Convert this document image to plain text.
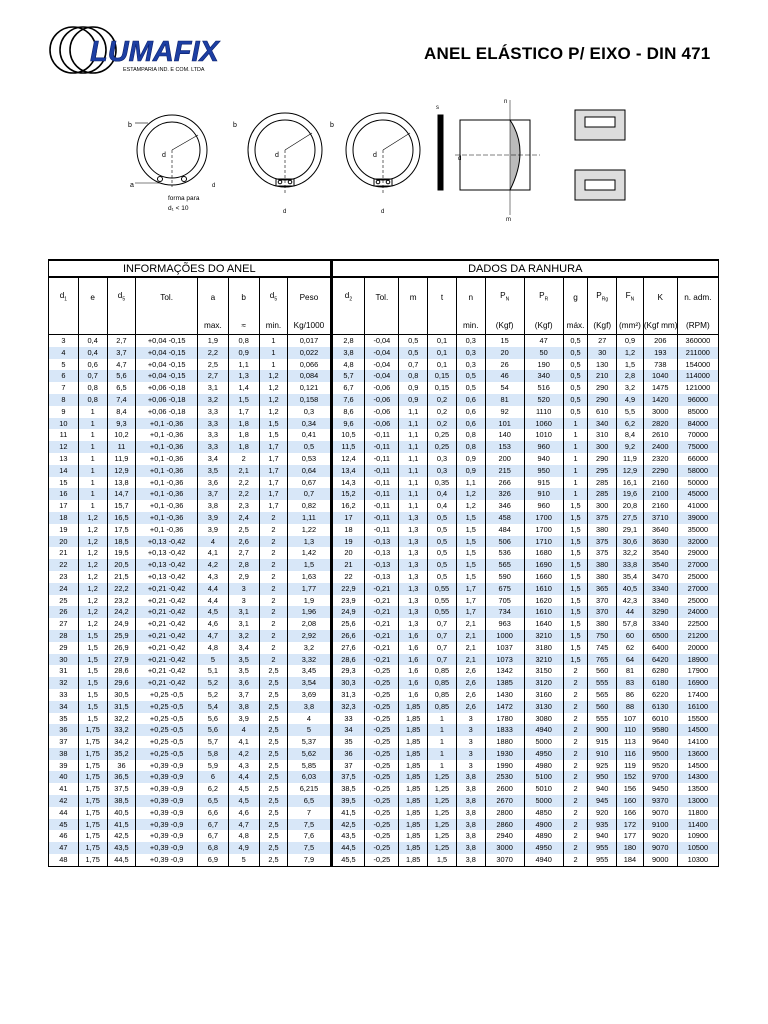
LUMAFIX
ESTAMPARIA IND. E COM. LTDA
ANEL ELÁSTICO P/ EIXO - DIN 471
b
a
d
d
forma para
d₁ < 10
b
d
d
b
d
d
s
n
d
m
INFORMAÇÕES DO ANEL								DADOS DA RANHURA											
$d_1$	e	$d_5$	Tol.	a	b	$d_5$	Peso	$d_2$	Tol.	m	t	n	$P_N$	$P_R$	g	$P_{Rg}$	$F_N$	K	n. adm.
				max.	≈	min.	Kg/1000					min.	(Kgf)	(Kgf)	máx.	(Kgf)	(mm²)	(Kgf mm)	(RPM)
3	0,4	2,7	+0,04 -0,15	1,9	0,8	1	0,017	2,8	-0,04	0,5	0,1	0,3	15	47	0,5	27	0,9	206	360000
4	0,4	3,7	+0,04 -0,15	2,2	0,9	1	0,022	3,8	-0,04	0,5	0,1	0,3	20	50	0,5	30	1,2	193	211000
5	0,6	4,7	+0,04 -0,15	2,5	1,1	1	0,066	4,8	-0,04	0,7	0,1	0,3	26	190	0,5	130	1,5	738	154000
6	0,7	5,6	+0,04 -0,15	2,7	1,3	1,2	0,084	5,7	-0,04	0,8	0,15	0,5	46	340	0,5	210	2,8	1040	114000
7	0,8	6,5	+0,06 -0,18	3,1	1,4	1,2	0,121	6,7	-0,06	0,9	0,15	0,5	54	516	0,5	290	3,2	1475	121000
8	0,8	7,4	+0,06 -0,18	3,2	1,5	1,2	0,158	7,6	-0,06	0,9	0,2	0,6	81	520	0,5	290	4,9	1420	96000
9	1	8,4	+0,06 -0,18	3,3	1,7	1,2	0,3	8,6	-0,06	1,1	0,2	0,6	92	1110	0,5	610	5,5	3000	85000
10	1	9,3	+0,1 -0,36	3,3	1,8	1,5	0,34	9,6	-0,06	1,1	0,2	0,6	101	1060	1	340	6,2	2820	84000
11	1	10,2	+0,1 -0,36	3,3	1,8	1,5	0,41	10,5	-0,11	1,1	0,25	0,8	140	1010	1	310	8,4	2610	70000
12	1	11	+0,1 -0,36	3,3	1,8	1,7	0,5	11,5	-0,11	1,1	0,25	0,8	153	960	1	300	9,2	2400	75000
13	1	11,9	+0,1 -0,36	3,4	2	1,7	0,53	12,4	-0,11	1,1	0,3	0,9	200	940	1	290	11,9	2320	66000
14	1	12,9	+0,1 -0,36	3,5	2,1	1,7	0,64	13,4	-0,11	1,1	0,3	0,9	215	950	1	295	12,9	2290	58000
15	1	13,8	+0,1 -0,36	3,6	2,2	1,7	0,67	14,3	-0,11	1,1	0,35	1,1	266	915	1	285	16,1	2160	50000
16	1	14,7	+0,1 -0,36	3,7	2,2	1,7	0,7	15,2	-0,11	1,1	0,4	1,2	326	910	1	285	19,6	2100	45000
17	1	15,7	+0,1 -0,36	3,8	2,3	1,7	0,82	16,2	-0,11	1,1	0,4	1,2	346	960	1,5	300	20,8	2160	41000
18	1,2	16,5	+0,1 -0,36	3,9	2,4	2	1,11	17	-0,11	1,3	0,5	1,5	458	1700	1,5	375	27,5	3710	39000
19	1,2	17,5	+0,1 -0,36	3,9	2,5	2	1,22	18	-0,11	1,3	0,5	1,5	484	1700	1,5	380	29,1	3640	35000
20	1,2	18,5	+0,13 -0,42	4	2,6	2	1,3	19	-0,13	1,3	0,5	1,5	506	1710	1,5	375	30,6	3630	32000
21	1,2	19,5	+0,13 -0,42	4,1	2,7	2	1,42	20	-0,13	1,3	0,5	1,5	536	1680	1,5	375	32,2	3540	29000
22	1,2	20,5	+0,13 -0,42	4,2	2,8	2	1,5	21	-0,13	1,3	0,5	1,5	565	1690	1,5	380	33,8	3540	27000
23	1,2	21,5	+0,13 -0,42	4,3	2,9	2	1,63	22	-0,13	1,3	0,5	1,5	590	1660	1,5	380	35,4	3470	25000
24	1,2	22,2	+0,21 -0,42	4,4	3	2	1,77	22,9	-0,21	1,3	0,55	1,7	675	1610	1,5	365	40,5	3340	27000
25	1,2	23,2	+0,21 -0,42	4,4	3	2	1,9	23,9	-0,21	1,3	0,55	1,7	705	1620	1,5	370	42,3	3340	25000
26	1,2	24,2	+0,21 -0,42	4,5	3,1	2	1,96	24,9	-0,21	1,3	0,55	1,7	734	1610	1,5	370	44	3290	24000
27	1,2	24,9	+0,21 -0,42	4,6	3,1	2	2,08	25,6	-0,21	1,3	0,7	2,1	963	1640	1,5	380	57,8	3340	22500
28	1,5	25,9	+0,21 -0,42	4,7	3,2	2	2,92	26,6	-0,21	1,6	0,7	2,1	1000	3210	1,5	750	60	6500	21200
29	1,5	26,9	+0,21 -0,42	4,8	3,4	2	3,2	27,6	-0,21	1,6	0,7	2,1	1037	3180	1,5	745	62	6400	20000
30	1,5	27,9	+0,21 -0,42	5	3,5	2	3,32	28,6	-0,21	1,6	0,7	2,1	1073	3210	1,5	765	64	6420	18900
31	1,5	28,6	+0,21 -0,42	5,1	3,5	2,5	3,45	29,3	-0,25	1,6	0,85	2,6	1342	3150	2	560	81	6280	17900
32	1,5	29,6	+0,21 -0,42	5,2	3,6	2,5	3,54	30,3	-0,25	1,6	0,85	2,6	1385	3120	2	555	83	6180	16900
33	1,5	30,5	+0,25 -0,5	5,2	3,7	2,5	3,69	31,3	-0,25	1,6	0,85	2,6	1430	3160	2	565	86	6220	17400
34	1,5	31,5	+0,25 -0,5	5,4	3,8	2,5	3,8	32,3	-0,25	1,85	0,85	2,6	1472	3130	2	560	88	6130	16100
35	1,5	32,2	+0,25 -0,5	5,6	3,9	2,5	4	33	-0,25	1,85	1	3	1780	3080	2	555	107	6010	15500
36	1,75	33,2	+0,25 -0,5	5,6	4	2,5	5	34	-0,25	1,85	1	3	1833	4940	2	900	110	9580	14500
37	1,75	34,2	+0,25 -0,5	5,7	4,1	2,5	5,37	35	-0,25	1,85	1	3	1880	5000	2	915	113	9640	14100
38	1,75	35,2	+0,25 -0,5	5,8	4,2	2,5	5,62	36	-0,25	1,85	1	3	1930	4950	2	910	116	9500	13600
39	1,75	36	+0,39 -0,9	5,9	4,3	2,5	5,85	37	-0,25	1,85	1	3	1990	4980	2	925	119	9520	14500
40	1,75	36,5	+0,39 -0,9	6	4,4	2,5	6,03	37,5	-0,25	1,85	1,25	3,8	2530	5100	2	950	152	9700	14300
41	1,75	37,5	+0,39 -0,9	6,2	4,5	2,5	6,215	38,5	-0,25	1,85	1,25	3,8	2600	5010	2	940	156	9450	13500
42	1,75	38,5	+0,39 -0,9	6,5	4,5	2,5	6,5	39,5	-0,25	1,85	1,25	3,8	2670	5000	2	945	160	9370	13000
44	1,75	40,5	+0,39 -0,9	6,6	4,6	2,5	7	41,5	-0,25	1,85	1,25	3,8	2800	4850	2	920	166	9070	11800
45	1,75	41,5	+0,39 -0,9	6,7	4,7	2,5	7,5	42,5	-0,25	1,85	1,25	3,8	2860	4900	2	935	172	9100	11400
46	1,75	42,5	+0,39 -0,9	6,7	4,8	2,5	7,6	43,5	-0,25	1,85	1,25	3,8	2940	4890	2	940	177	9020	10900
47	1,75	43,5	+0,39 -0,9	6,8	4,9	2,5	7,5	44,5	-0,25	1,85	1,25	3,8	3000	4950	2	955	180	9070	10500
48	1,75	44,5	+0,39 -0,9	6,9	5	2,5	7,9	45,5	-0,25	1,85	1,5	3,8	3070	4940	2	955	184	9000	10300
